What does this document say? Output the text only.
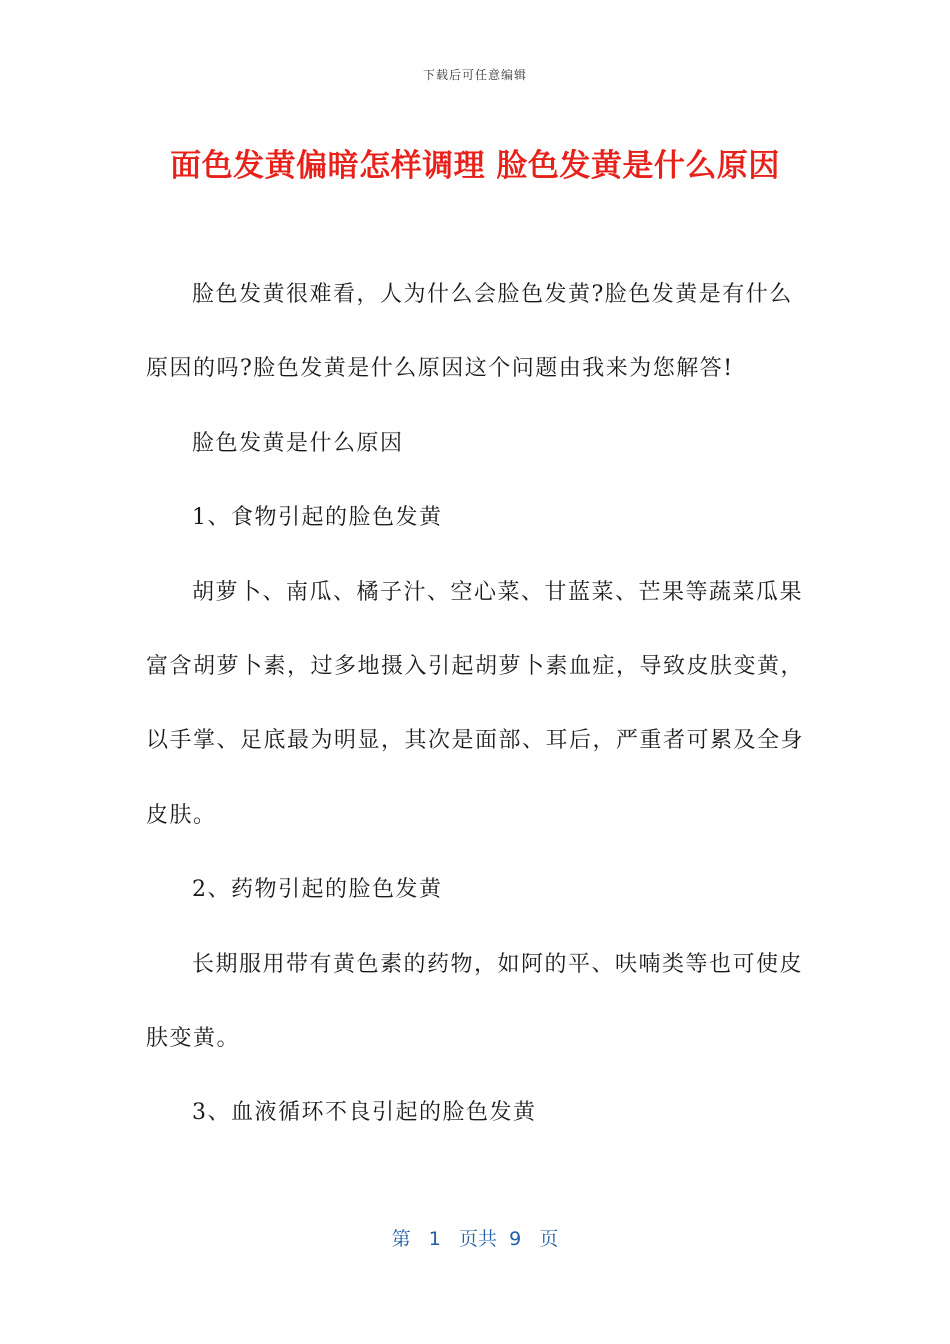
下载后可任意编辑
面色发黄偏暗怎样调理 脸色发黄是什么原因

脸色发黄很难看，人为什么会脸色发黄?脸色发黄是有什么原因的吗?脸色发黄是什么原因这个问题由我来为您解答!

脸色发黄是什么原因

1、食物引起的脸色发黄

胡萝卜、南瓜、橘子汁、空心菜、甘蓝菜、芒果等蔬菜瓜果富含胡萝卜素，过多地摄入引起胡萝卜素血症，导致皮肤变黄，以手掌、足底最为明显，其次是面部、耳后，严重者可累及全身皮肤。

2、药物引起的脸色发黄

长期服用带有黄色素的药物，如阿的平、呋喃类等也可使皮肤变黄。

3、血液循环不良引起的脸色发黄

第 1 页共 9 页
